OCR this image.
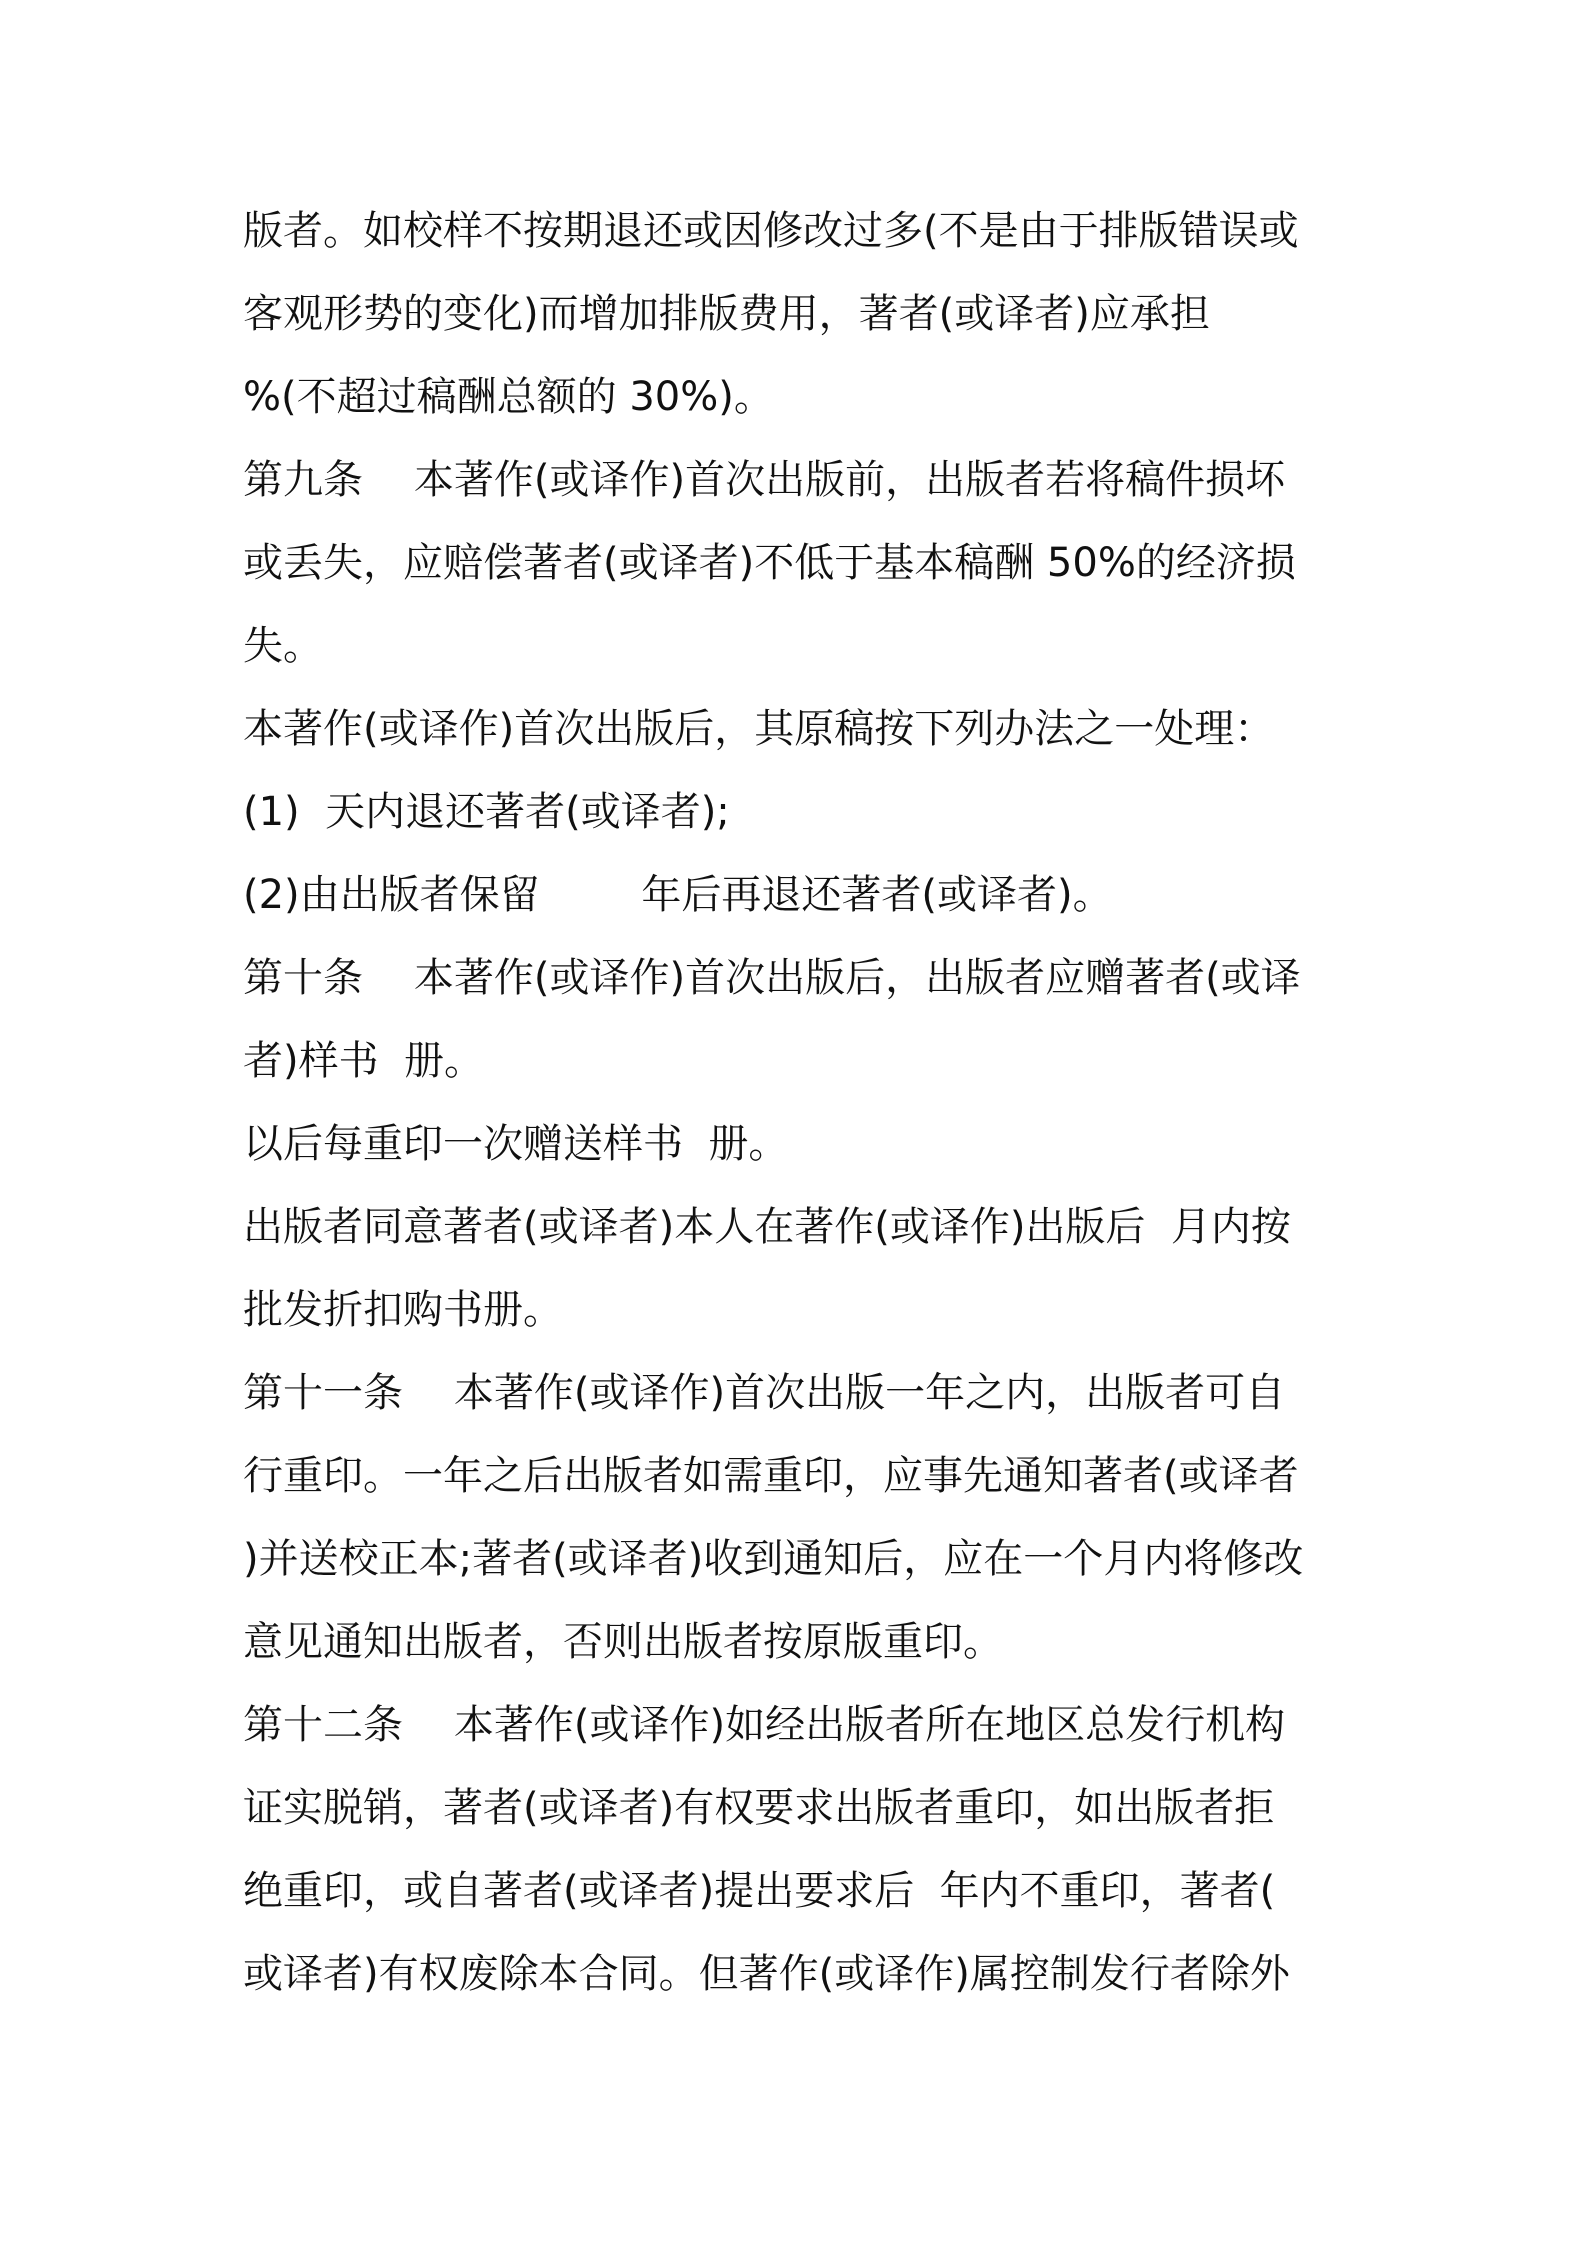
版者。如校样不按期退还或因修改过多(不是由于排版错误或
客观形势的变化)而增加排版费用，著者(或译者)应承担
%(不超过稿酬总额的 30%)。
第九条    本著作(或译作)首次出版前，出版者若将稿件损坏
或丢失，应赔偿著者(或译者)不低于基本稿酬 50%的经济损
失。
本著作(或译作)首次出版后，其原稿按下列办法之一处理：
(1)  天内退还著者(或译者);
(2)由出版者保留        年后再退还著者(或译者)。
第十条    本著作(或译作)首次出版后，出版者应赠著者(或译
者)样书  册。
以后每重印一次赠送样书  册。
出版者同意著者(或译者)本人在著作(或译作)出版后  月内按
批发折扣购书册。
第十一条    本著作(或译作)首次出版一年之内，出版者可自
行重印。一年之后出版者如需重印，应事先通知著者(或译者
)并送校正本;著者(或译者)收到通知后，应在一个月内将修改
意见通知出版者，否则出版者按原版重印。
第十二条    本著作(或译作)如经出版者所在地区总发行机构
证实脱销，著者(或译者)有权要求出版者重印，如出版者拒
绝重印，或自著者(或译者)提出要求后  年内不重印，著者(
或译者)有权废除本合同。但著作(或译作)属控制发行者除外
